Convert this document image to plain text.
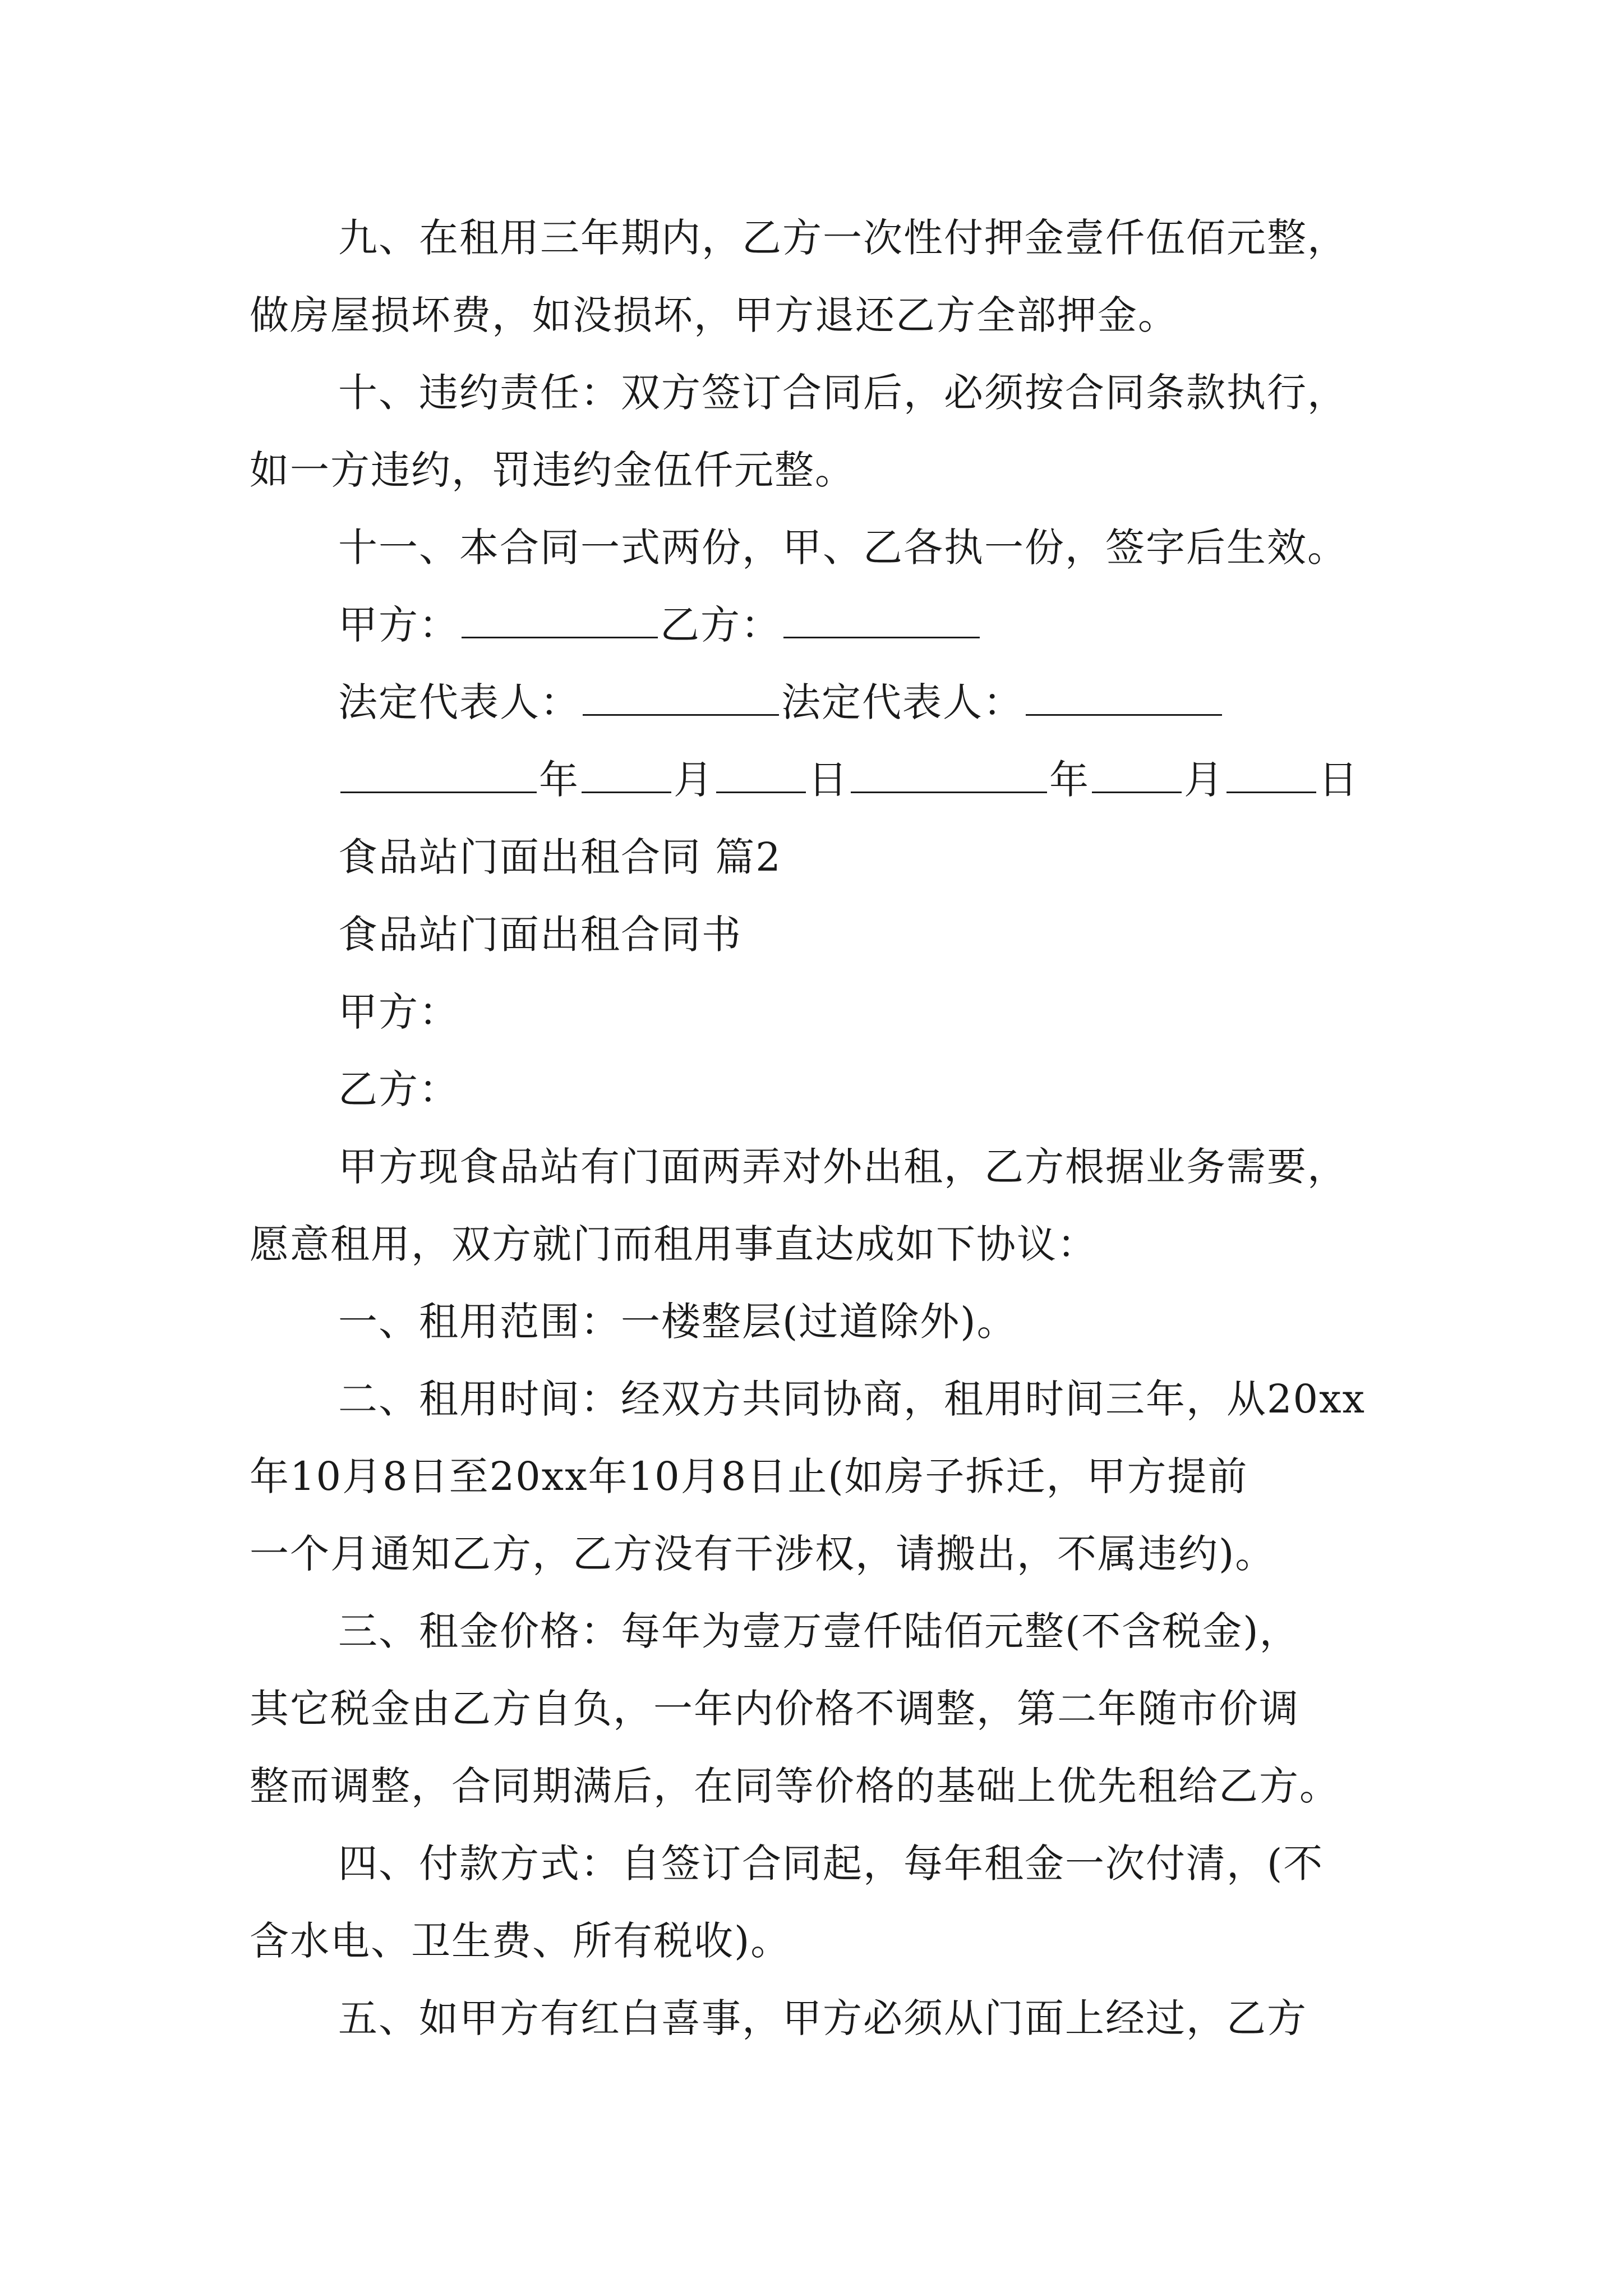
九、在租用三年期内，乙方一次性付押金壹仟伍佰元整，
做房屋损坏费，如没损坏，甲方退还乙方全部押金。
十、违约责任：双方签订合同后，必须按合同条款执行，
如一方违约，罚违约金伍仟元整。
十一、本合同一式两份，甲、乙各执一份，签字后生效。
甲方：	乙方：
法定代表人：	法定代表人：
年 月 日	年 月 日
食品站门面出租合同 篇2
食品站门面出租合同书
甲方：
乙方：
甲方现食品站有门面两弄对外出租，乙方根据业务需要，
愿意租用，双方就门而租用事直达成如下协议：
一、租用范围：一楼整层(过道除外)。
二、租用时间：经双方共同协商，租用时间三年，从20xx
年10月8日至20xx年10月8日止(如房子拆迁，甲方提前
一个月通知乙方，乙方没有干涉权，请搬出，不属违约)。
三、租金价格：每年为壹万壹仟陆佰元整(不含税金)，
其它税金由乙方自负，一年内价格不调整，第二年随市价调
整而调整，合同期满后，在同等价格的基础上优先租给乙方。
四、付款方式：自签订合同起，每年租金一次付清，(不
含水电、卫生费、所有税收)。
五、如甲方有红白喜事，甲方必须从门面上经过，乙方
